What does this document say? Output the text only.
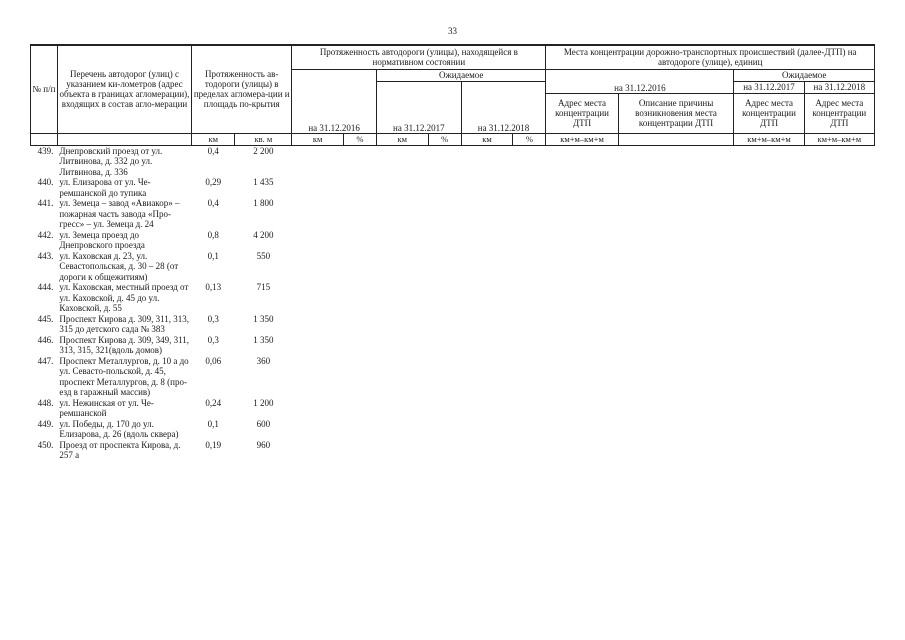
33
№ п/п	Перечень автодорог (улиц) с указанием ки-лометров (адрес объекта в границах агломерации), входящих в состав агло-мерации	Протяженность ав-тодороги (улицы) в пределах агломера-ции и площадь по-крытия		Протяженность автодороги (улицы), находящейся в нормативном состоянии						Места концентрации дорожно-транспортных происшествий (далее-ДТП) на автодороге (улице), единиц			
				на 31.12.2016		Ожидаемое				на 31.12.2016		Ожидаемое	
						на 31.12.2017		на 31.12.2018				на 31.12.2017	на 31.12.2018
										Адрес места концентрации ДТП	Описание причины возникновения места концентрации ДТП	Адрес места концентрации ДТП	Адрес места концентрации ДТП

		км	кв. м	км	%	км	%	км	%	км+м–км+м		км+м–км+м	км+м–км+м
439.	Днепровский проезд от ул. Литвинова, д. 332 до ул. Литвинова, д. 336	0,4	2 200										
440.	ул. Елизарова от ул. Че-ремшанской до тупика	0,29	1 435										
441.	ул. Земеца – завод «Авиакор» – пожарная часть завода «Про-гресс» – ул. Земеца д. 24	0,4	1 800										
442.	ул. Земеца проезд до Днепровского проезда	0,8	4 200										
443.	ул. Каховская д. 23, ул. Севастопольская, д. 30 – 28 (от дороги к общежитиям)	0,1	550										
444.	ул. Каховская, местный проезд от ул. Каховской, д. 45 до ул. Каховской, д. 55	0,13	715										
445.	Проспект Кирова д. 309, 311, 313, 315 до детского сада № 383	0,3	1 350										
446.	Проспект Кирова д. 309, 349, 311, 313, 315, 321(вдоль домов)	0,3	1 350										
447.	Проспект Металлургов, д. 10 а до ул. Севасто-польской, д. 45, проспект Металлургов, д. 8 (про-езд в гаражный массив)	0,06	360										
448.	ул. Нежинская от ул. Че-ремшанской	0,24	1 200										
449.	ул. Победы, д. 170 до ул. Елизарова, д. 26 (вдоль сквера)	0,1	600										
450.	Проезд от проспекта Кирова, д. 257 а	0,19	960										
